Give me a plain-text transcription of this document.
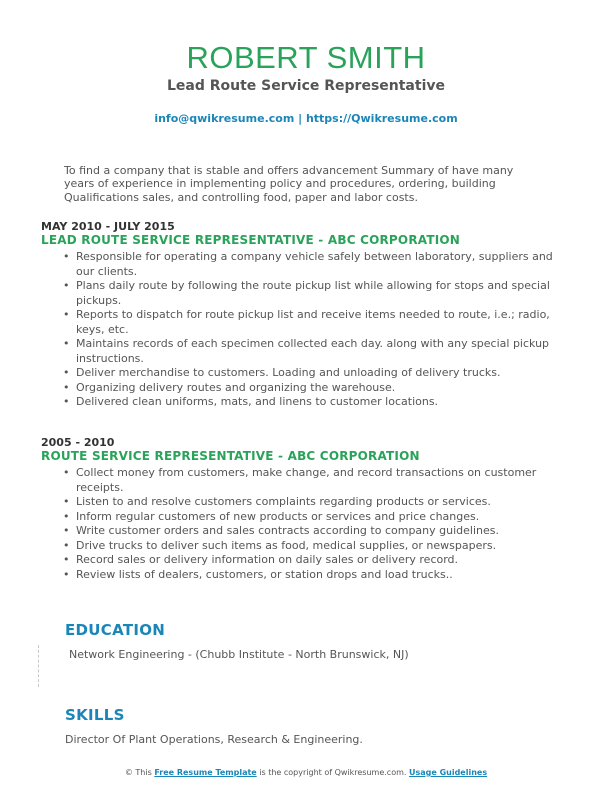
ROBERT SMITH
Lead Route Service Representative
info@qwikresume.com | https://Qwikresume.com
To find a company that is stable and offers advancement Summary of have many years of experience in implementing policy and procedures, ordering, building Qualifications sales, and controlling food, paper and labor costs.
MAY 2010 - JULY 2015
LEAD ROUTE SERVICE REPRESENTATIVE - ABC CORPORATION
• Responsible for operating a company vehicle safely between laboratory, suppliers and our clients.
• Plans daily route by following the route pickup list while allowing for stops and special pickups.
• Reports to dispatch for route pickup list and receive items needed to route, i.e.; radio, keys, etc.
• Maintains records of each specimen collected each day. along with any special pickup instructions.
• Deliver merchandise to customers. Loading and unloading of delivery trucks.
• Organizing delivery routes and organizing the warehouse.
• Delivered clean uniforms, mats, and linens to customer locations.
2005 - 2010
ROUTE SERVICE REPRESENTATIVE - ABC CORPORATION
• Collect money from customers, make change, and record transactions on customer receipts.
• Listen to and resolve customers complaints regarding products or services.
• Inform regular customers of new products or services and price changes.
• Write customer orders and sales contracts according to company guidelines.
• Drive trucks to deliver such items as food, medical supplies, or newspapers.
• Record sales or delivery information on daily sales or delivery record.
• Review lists of dealers, customers, or station drops and load trucks..
EDUCATION
Network Engineering - (Chubb Institute - North Brunswick, NJ)
SKILLS
Director Of Plant Operations, Research & Engineering.
© This Free Resume Template is the copyright of Qwikresume.com. Usage Guidelines
